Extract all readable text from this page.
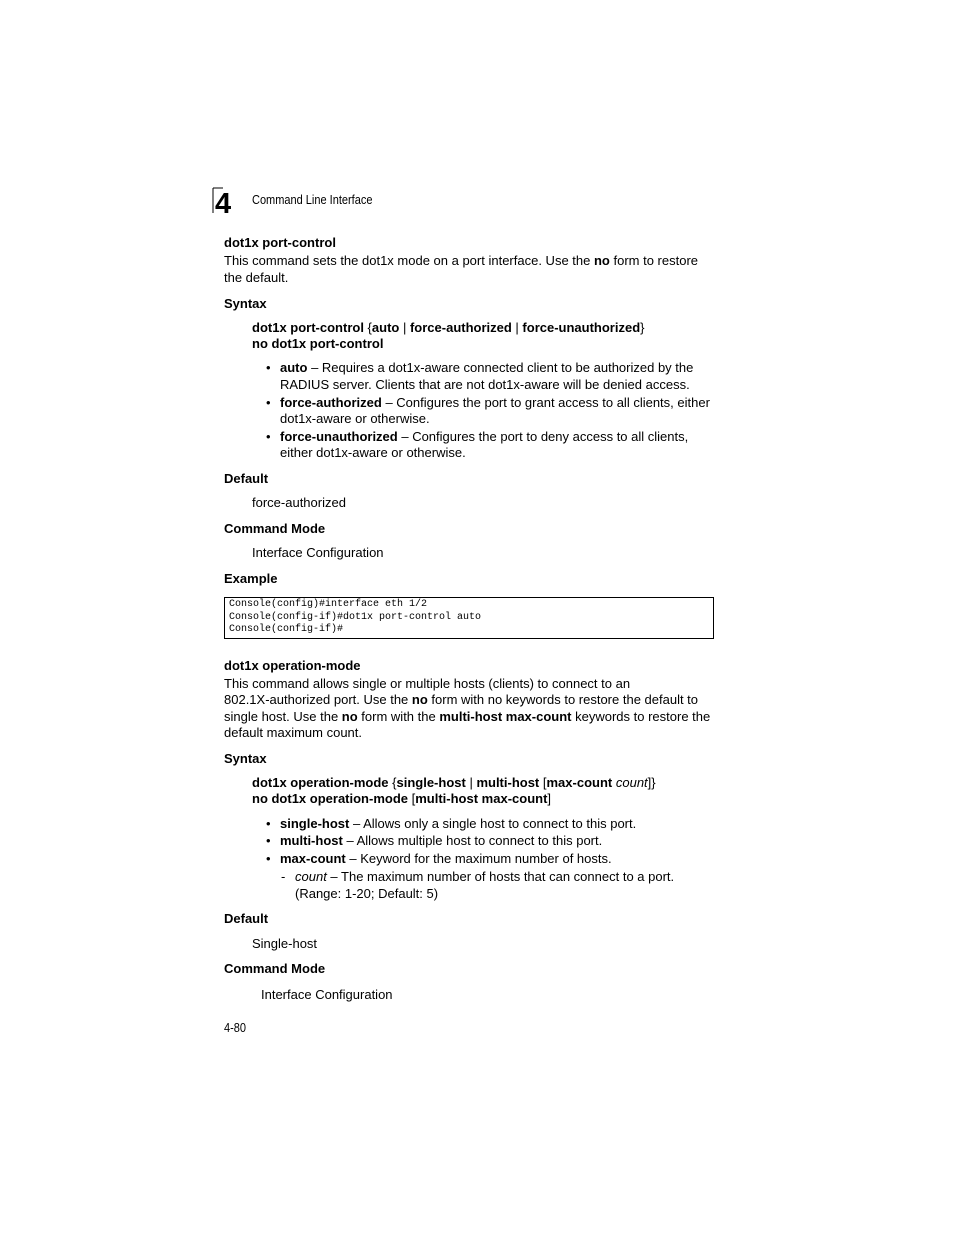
4 Command Line Interface
dot1x port-control
This command sets the dot1x mode on a port interface. Use the no form to restore
the default.
Syntax
dot1x port-control {auto | force-authorized | force-unauthorized}
no dot1x port-control
• auto – Requires a dot1x-aware connected client to be authorized by the
RADIUS server. Clients that are not dot1x-aware will be denied access.
• force-authorized – Configures the port to grant access to all clients, either
dot1x-aware or otherwise.
• force-unauthorized – Configures the port to deny access to all clients,
either dot1x-aware or otherwise.
Default
force-authorized
Command Mode
Interface Configuration
Example
Console(config)#interface eth 1/2
Console(config-if)#dot1x port-control auto
Console(config-if)#
dot1x operation-mode
This command allows single or multiple hosts (clients) to connect to an
802.1X-authorized port. Use the no form with no keywords to restore the default to
single host. Use the no form with the multi-host max-count keywords to restore the
default maximum count.
Syntax
dot1x operation-mode {single-host | multi-host [max-count count]}
no dot1x operation-mode [multi-host max-count]
• single-host – Allows only a single host to connect to this port.
• multi-host – Allows multiple host to connect to this port.
• max-count – Keyword for the maximum number of hosts.
- count – The maximum number of hosts that can connect to a port.
(Range: 1-20; Default: 5)
Default
Single-host
Command Mode
Interface Configuration
4-80
